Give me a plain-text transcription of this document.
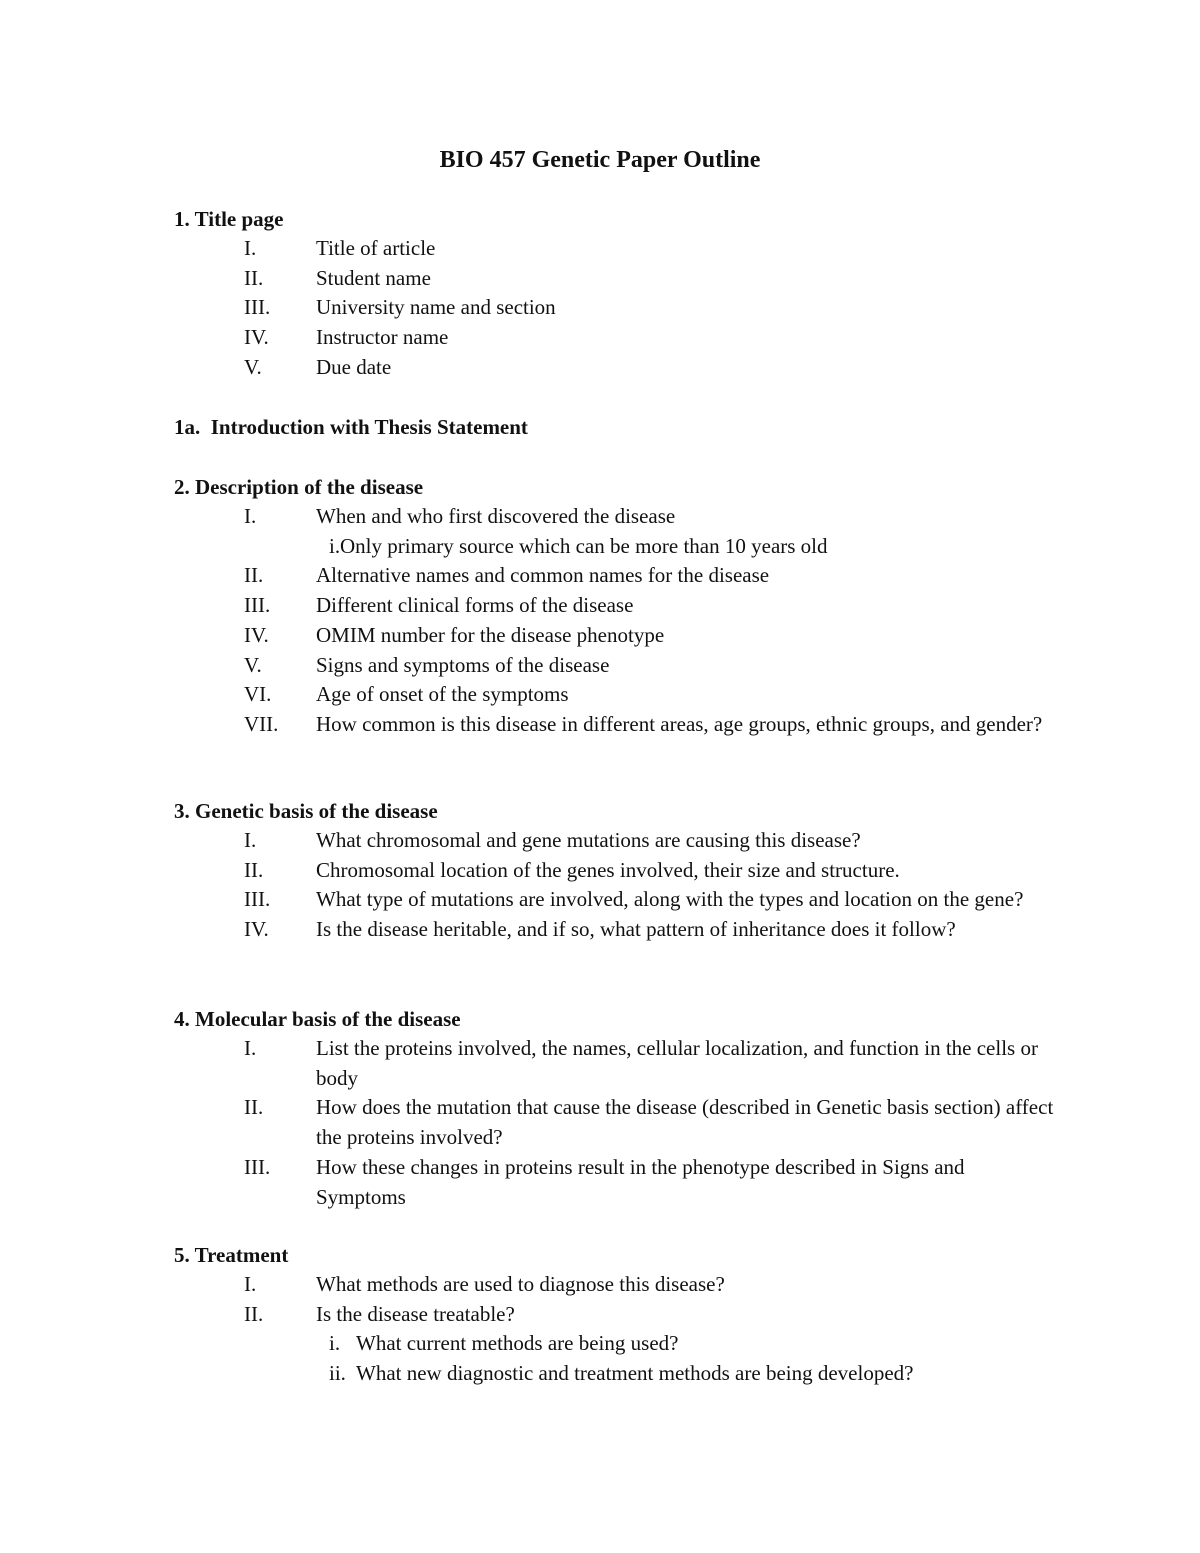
BIO 457 Genetic Paper Outline
1. Title page
I.	Title of article
II.	Student name
III.	University name and section
IV.	Instructor name
V.	Due date
1a.  Introduction with Thesis Statement
2. Description of the disease
I.	When and who first discovered the disease
i. Only primary source which can be more than 10 years old
II.	Alternative names and common names for the disease
III.	Different clinical forms of the disease
IV.	OMIM number for the disease phenotype
V.	Signs and symptoms of the disease
VI.	Age of onset of the symptoms
VII.	How common is this disease in different areas, age groups, ethnic groups, and gender?
3. Genetic basis of the disease
I.	What chromosomal and gene mutations are causing this disease?
II.	Chromosomal location of the genes involved, their size and structure.
III.	What type of mutations are involved, along with the types and location on the gene?
IV.	Is the disease heritable, and if so, what pattern of inheritance does it follow?
4. Molecular basis of the disease
I.	List the proteins involved, the names, cellular localization, and function in the cells or body
II.	How does the mutation that cause the disease (described in Genetic basis section) affect the proteins involved?
III.	How these changes in proteins result in the phenotype described in Signs and Symptoms
5. Treatment
I.	What methods are used to diagnose this disease?
II.	Is the disease treatable?
i. What current methods are being used?
ii. What new diagnostic and treatment methods are being developed?
